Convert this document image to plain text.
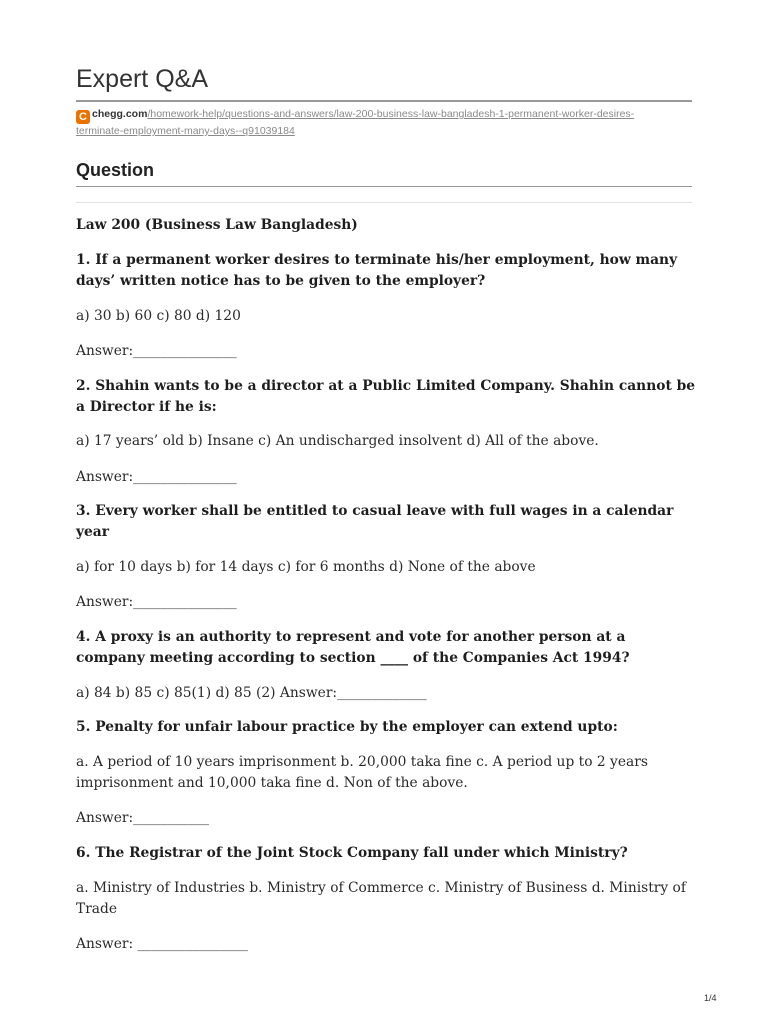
Expert Q&A
C chegg.com/homework-help/questions-and-answers/law-200-business-law-bangladesh-1-permanent-worker-desires-terminate-employment-many-days--q91039184
Question

Law 200 (Business Law Bangladesh)

1. If a permanent worker desires to terminate his/her employment, how many days’ written notice has to be given to the employer?

a) 30 b) 60 c) 80 d) 120

Answer:_______________

2. Shahin wants to be a director at a Public Limited Company. Shahin cannot be a Director if he is:

a) 17 years’ old b) Insane c) An undischarged insolvent d) All of the above.

Answer:_______________

3. Every worker shall be entitled to casual leave with full wages in a calendar year

a) for 10 days b) for 14 days c) for 6 months d) None of the above

Answer:_______________

4. A proxy is an authority to represent and vote for another person at a company meeting according to section ____ of the Companies Act 1994?

a) 84 b) 85 c) 85(1) d) 85 (2) Answer:_____________

5. Penalty for unfair labour practice by the employer can extend upto:

a. A period of 10 years imprisonment b. 20,000 taka fine c. A period up to 2 years imprisonment and 10,000 taka fine d. Non of the above.

Answer:___________

6. The Registrar of the Joint Stock Company fall under which Ministry?

a. Ministry of Industries b. Ministry of Commerce c. Ministry of Business d. Ministry of Trade

Answer: ________________

1/4
